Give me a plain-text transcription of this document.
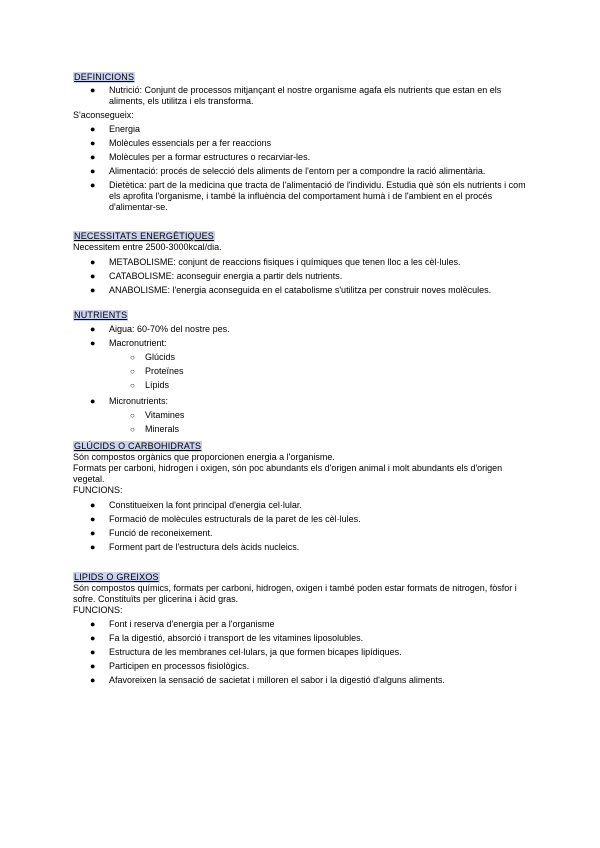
DEFINICIONS
● Nutrició: Conjunt de processos mitjançant el nostre organisme agafa els nutrients que estan en els aliments, els utilitza i els transforma.
S'aconsegueix:
● Energia
● Molècules essencials per a fer reaccions
● Molècules per a formar estructures o recarviar-les.
● Alimentació: procés de selecció dels aliments de l'entorn per a compondre la ració alimentària.
● Dietètica: part de la medicina que tracta de l'alimentació de l'individu. Estudia què són els nutrients i com els aprofita l'organisme, i també la influència del comportament humà i de l'ambient en el procés d'alimentar-se.
NECESSITATS ENERGÈTIQUES
Necessitem entre 2500-3000kcal/dia.
● METABOLISME: conjunt de reaccions fisiques i químiques que tenen lloc a les cèl·lules.
● CATABOLISME: aconseguir energia a partir dels nutrients.
● ANABOLISME: l'energia aconseguida en el catabolisme s'utilitza per construir noves molècules.
NUTRIENTS
● Aigua: 60-70% del nostre pes.
● Macronutrient:
○ Glúcids
○ Proteïnes
○ Lípids
● Micronutrients:
○ Vitamines
○ Minerals
GLÚCIDS O CARBOHIDRATS
Són compostos orgànics que proporcionen energia a l'organisme.
Formats per carboni, hidrogen i oxigen, són poc abundants els d'origen animal i molt abundants els d'origen vegetal.
FUNCIONS:
● Constitueixen la font principal d'energia cel·lular.
● Formació de molècules estructurals de la paret de les cèl·lules.
● Funció de reconeixement.
● Forment part de l'estructura dels àcids nucleics.
LIPIDS O GREIXOS
Són compostos químics, formats per carboni, hidrogen, oxigen i també poden estar formats de nitrogen, fòsfor i sofre. Constituïts per glicerina i àcid gras.
FUNCIONS:
● Font i reserva d'energia per a l'organisme
● Fa la digestió, absorció i transport de les vitamines liposolubles.
● Estructura de les membranes cel·lulars, ja que formen bicapes lipídiques.
● Participen en processos fisiològics.
● Afavoreixen la sensació de sacietat i milloren el sabor i la digestió d'alguns aliments.
